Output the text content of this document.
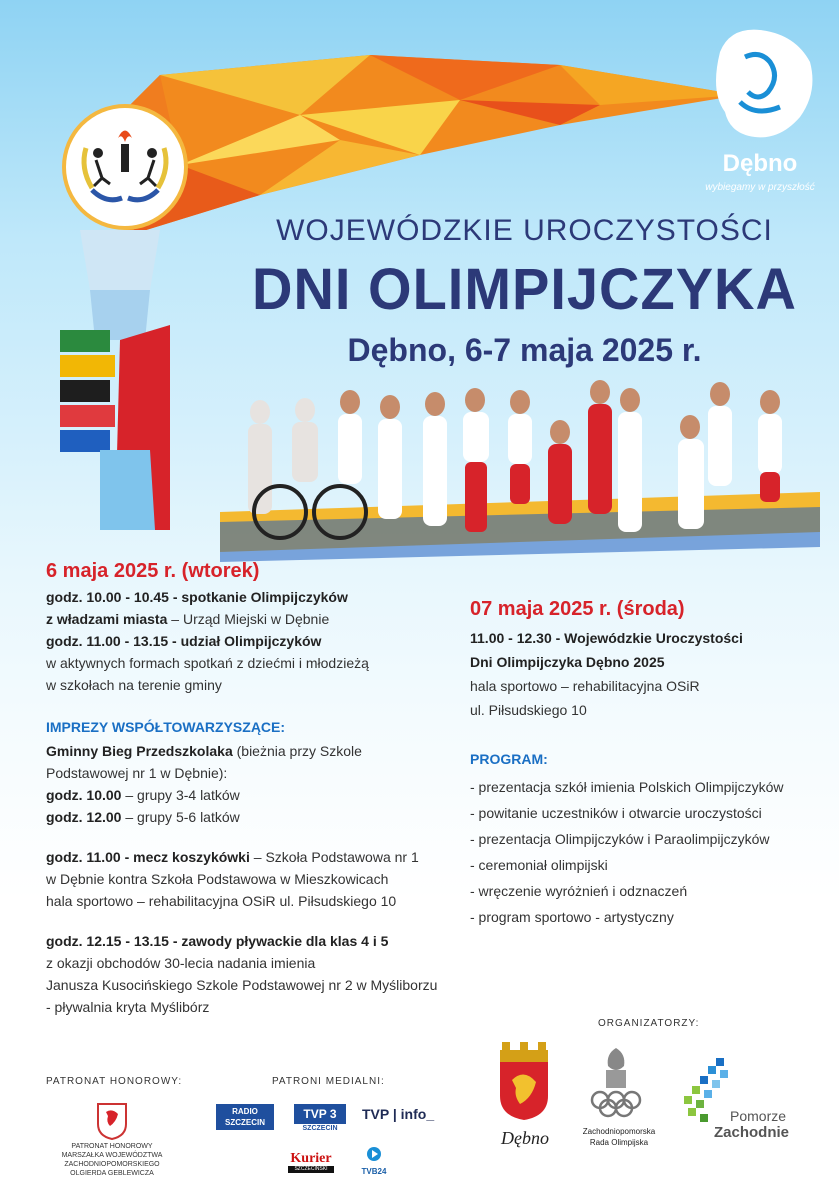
Dębno
wybiegamy w przyszłość
WOJEWÓDZKIE UROCZYSTOŚCI
DNI OLIMPIJCZYKA
Dębno, 6-7 maja 2025 r.
6 maja 2025 r. (wtorek)
godz. 10.00 - 10.45 - spotkanie Olimpijczyków
z władzami miasta – Urząd Miejski w Dębnie
godz. 11.00 - 13.15 - udział Olimpijczyków
w aktywnych formach spotkań z dziećmi i młodzieżą
w szkołach na terenie gminy
IMPREZY WSPÓŁTOWARZYSZĄCE:
Gminny Bieg Przedszkolaka (bieżnia przy Szkole
Podstawowej nr 1 w Dębnie):
godz. 10.00 – grupy 3-4 latków
godz. 12.00 – grupy 5-6 latków
godz. 11.00 - mecz koszykówki – Szkoła Podstawowa nr 1
w Dębnie kontra Szkoła Podstawowa w Mieszkowicach
hala sportowo – rehabilitacyjna OSiR ul. Piłsudskiego 10
godz. 12.15 - 13.15 - zawody pływackie dla klas 4 i 5
z okazji obchodów 30-lecia nadania imienia
Janusza Kusocińskiego Szkole Podstawowej nr 2 w Myśliborzu
- pływalnia kryta Myślibórz
07 maja 2025 r. (środa)
11.00 - 12.30 - Wojewódzkie Uroczystości
Dni Olimpijczyka Dębno 2025
hala sportowo – rehabilitacyjna OSiR
ul. Piłsudskiego 10
PROGRAM:
- prezentacja szkół imienia Polskich Olimpijczyków
- powitanie uczestników i otwarcie uroczystości
- prezentacja Olimpijczyków i Paraolimpijczyków
- ceremoniał olimpijski
- wręczenie wyróżnień i odznaczeń
- program sportowo - artystyczny
PATRONAT HONOROWY:
PATRONAT HONOROWY
MARSZAŁKA WOJEWÓDZTWA
ZACHODNIOPOMORSKIEGO
OLGIERDA GEBLEWICZA
PATRONI MEDIALNI:
RADIO SZCZECIN
TVP 3
SZCZECIN
TVP | info_
Kurier
SZCZECIŃSKI	TVB24
ORGANIZATORZY:
Dębno	Zachodniopomorska
Rada Olimpijska
Pomorze
Zachodnie
